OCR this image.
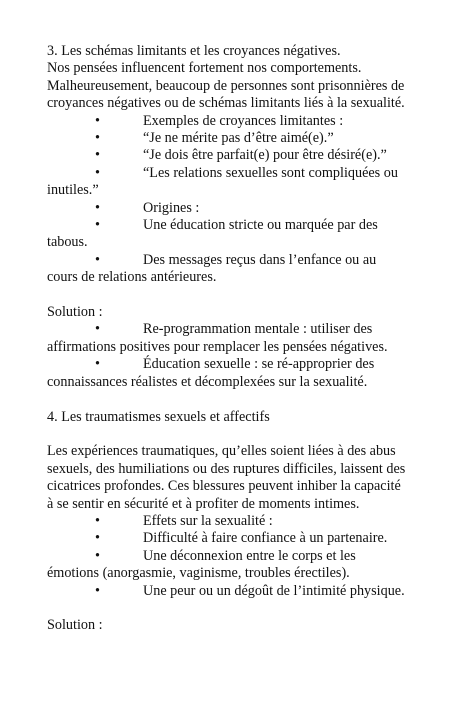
3. Les schémas limitants et les croyances négatives.

Nos pensées influencent fortement nos comportements. Malheureusement, beaucoup de personnes sont prisonnières de croyances négatives ou de schémas limitants liés à la sexualité.

•	Exemples de croyances limitantes :

•	“Je ne mérite pas d’être aimé(e).”

•	“Je dois être parfait(e) pour être désiré(e).”

•	“Les relations sexuelles sont compliquées ou inutiles.”

•	Origines :

•	Une éducation stricte ou marquée par des tabous.

•	Des messages reçus dans l’enfance ou au cours de relations antérieures.

Solution :

•	Re-programmation mentale : utiliser des affirmations positives pour remplacer les pensées négatives.

•	Éducation sexuelle : se ré-approprier des connaissances réalistes et décomplexées sur la sexualité.

4. Les traumatismes sexuels et affectifs

Les expériences traumatiques, qu’elles soient liées à des abus sexuels, des humiliations ou des ruptures difficiles, laissent des cicatrices profondes. Ces blessures peuvent inhiber la capacité à se sentir en sécurité et à profiter de moments intimes.

•	Effets sur la sexualité :

•	Difficulté à faire confiance à un partenaire.

•	Une déconnexion entre le corps et les émotions (anorgasmie, vaginisme, troubles érectiles).

•	Une peur ou un dégoût de l’intimité physique.

Solution :
